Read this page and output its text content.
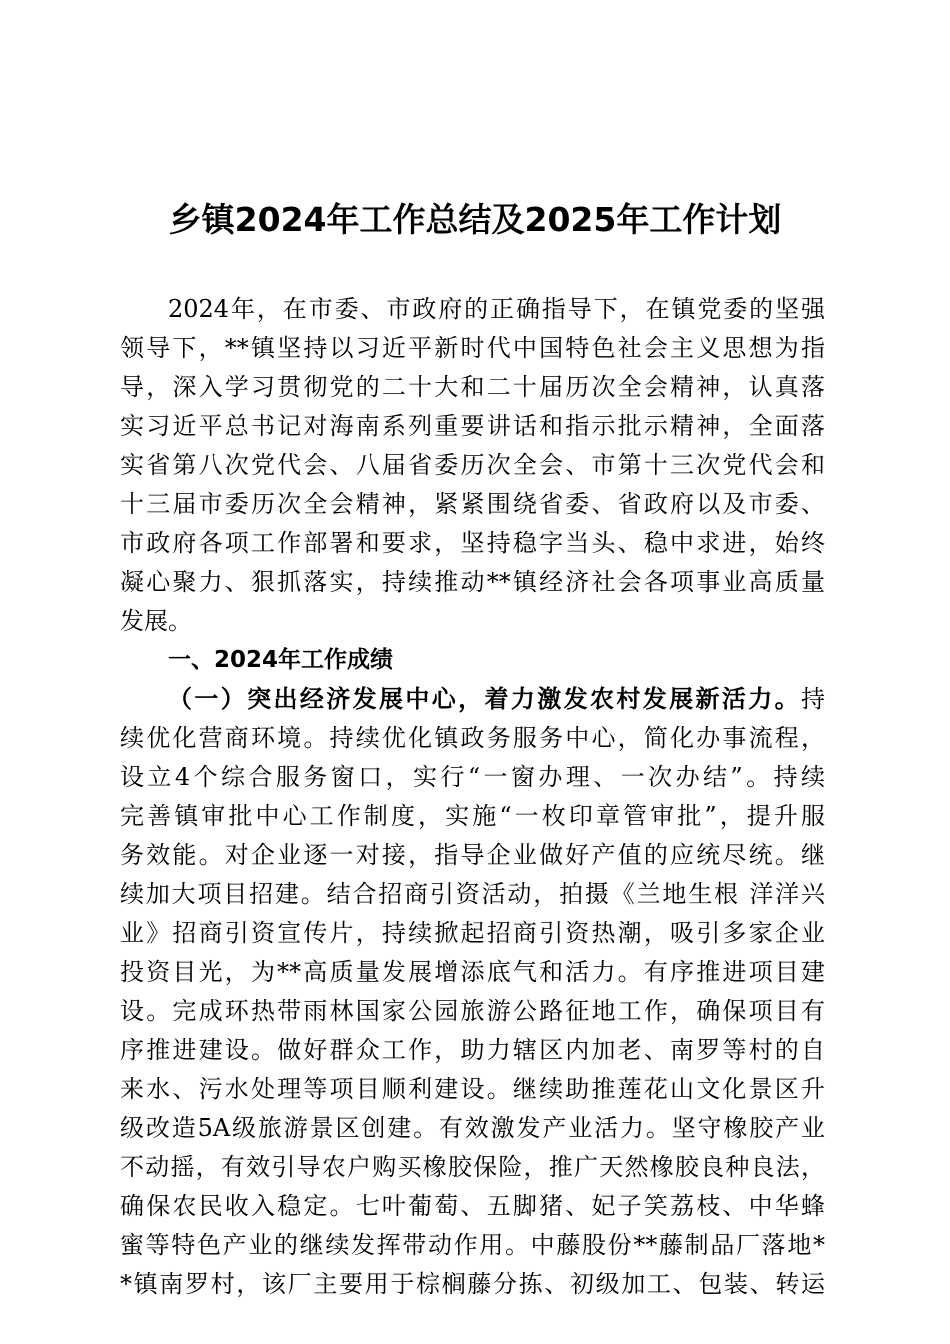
乡镇2024年工作总结及2025年工作计划
2024年，在市委、市政府的正确指导下，在镇党委的坚强
领导下，**镇坚持以习近平新时代中国特色社会主义思想为指
导，深入学习贯彻党的二十大和二十届历次全会精神，认真落
实习近平总书记对海南系列重要讲话和指示批示精神，全面落
实省第八次党代会、八届省委历次全会、市第十三次党代会和
十三届市委历次全会精神，紧紧围绕省委、省政府以及市委、
市政府各项工作部署和要求，坚持稳字当头、稳中求进，始终
凝心聚力、狠抓落实，持续推动**镇经济社会各项事业高质量
发展。
一、2024年工作成绩
（一）突出经济发展中心，着力激发农村发展新活力。持
续优化营商环境。持续优化镇政务服务中心，简化办事流程，
设立4个综合服务窗口，实行“一窗办理、一次办结”。持续
完善镇审批中心工作制度，实施“一枚印章管审批”，提升服
务效能。对企业逐一对接，指导企业做好产值的应统尽统。继
续加大项目招建。结合招商引资活动，拍摄《兰地生根 洋洋兴
业》招商引资宣传片，持续掀起招商引资热潮，吸引多家企业
投资目光，为**高质量发展增添底气和活力。有序推进项目建
设。完成环热带雨林国家公园旅游公路征地工作，确保项目有
序推进建设。做好群众工作，助力辖区内加老、南罗等村的自
来水、污水处理等项目顺利建设。继续助推莲花山文化景区升
级改造5A级旅游景区创建。有效激发产业活力。坚守橡胶产业
不动摇，有效引导农户购买橡胶保险，推广天然橡胶良种良法，
确保农民收入稳定。七叶葡萄、五脚猪、妃子笑荔枝、中华蜂
蜜等特色产业的继续发挥带动作用。中藤股份**藤制品厂落地*
*镇南罗村，该厂主要用于棕榈藤分拣、初级加工、包装、转运
